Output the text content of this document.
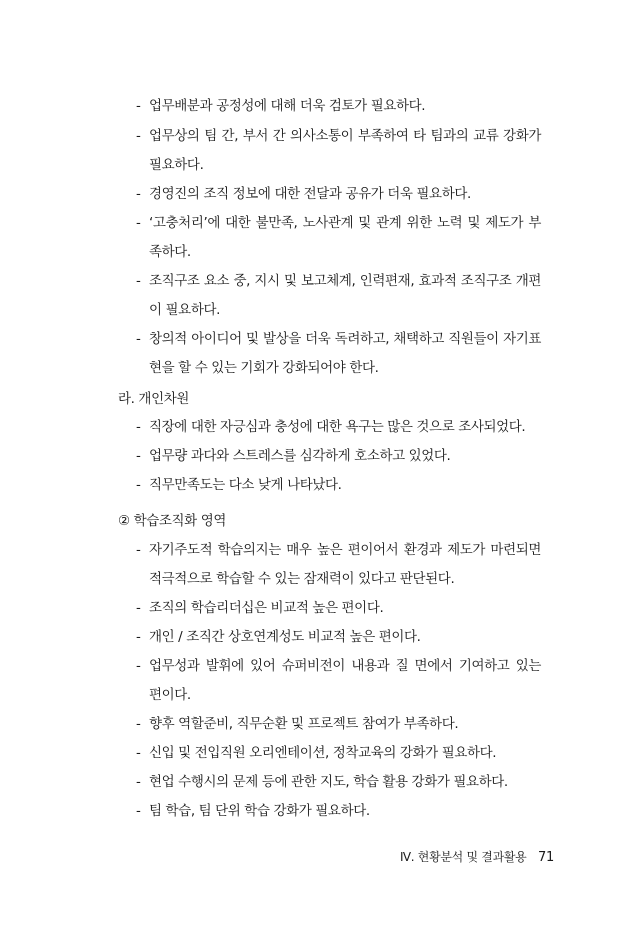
- 업무배분과 공정성에 대해 더욱 검토가 필요하다.
- 업무상의 팀 간, 부서 간 의사소통이 부족하여 타 팀과의 교류 강화가
필요하다.
- 경영진의 조직 정보에 대한 전달과 공유가 더욱 필요하다.
- ‘고충처리’에 대한 불만족, 노사관계 및 관계 위한 노력 및 제도가 부
족하다.
- 조직구조 요소 중, 지시 및 보고체계, 인력편재, 효과적 조직구조 개편
이 필요하다.
- 창의적 아이디어 및 발상을 더욱 독려하고, 채택하고 직원들이 자기표
현을 할 수 있는 기회가 강화되어야 한다.
라. 개인차원
- 직장에 대한 자긍심과 충성에 대한 욕구는 많은 것으로 조사되었다.
- 업무량 과다와 스트레스를 심각하게 호소하고 있었다.
- 직무만족도는 다소 낮게 나타났다.
② 학습조직화 영역
- 자기주도적 학습의지는 매우 높은 편이어서 환경과 제도가 마련되면
적극적으로 학습할 수 있는 잠재력이 있다고 판단된다.
- 조직의 학습리더십은 비교적 높은 편이다.
- 개인 / 조직간 상호연계성도 비교적 높은 편이다.
- 업무성과 발휘에 있어 슈퍼비전이 내용과 질 면에서 기여하고 있는
편이다.
- 향후 역할준비, 직무순환 및 프로젝트 참여가 부족하다.
- 신입 및 전입직원 오리엔테이션, 정착교육의 강화가 필요하다.
- 현업 수행시의 문제 등에 관한 지도, 학습 활용 강화가 필요하다.
- 팀 학습, 팀 단위 학습 강화가 필요하다.
Ⅳ. 현황분석 및 결과활용 71
